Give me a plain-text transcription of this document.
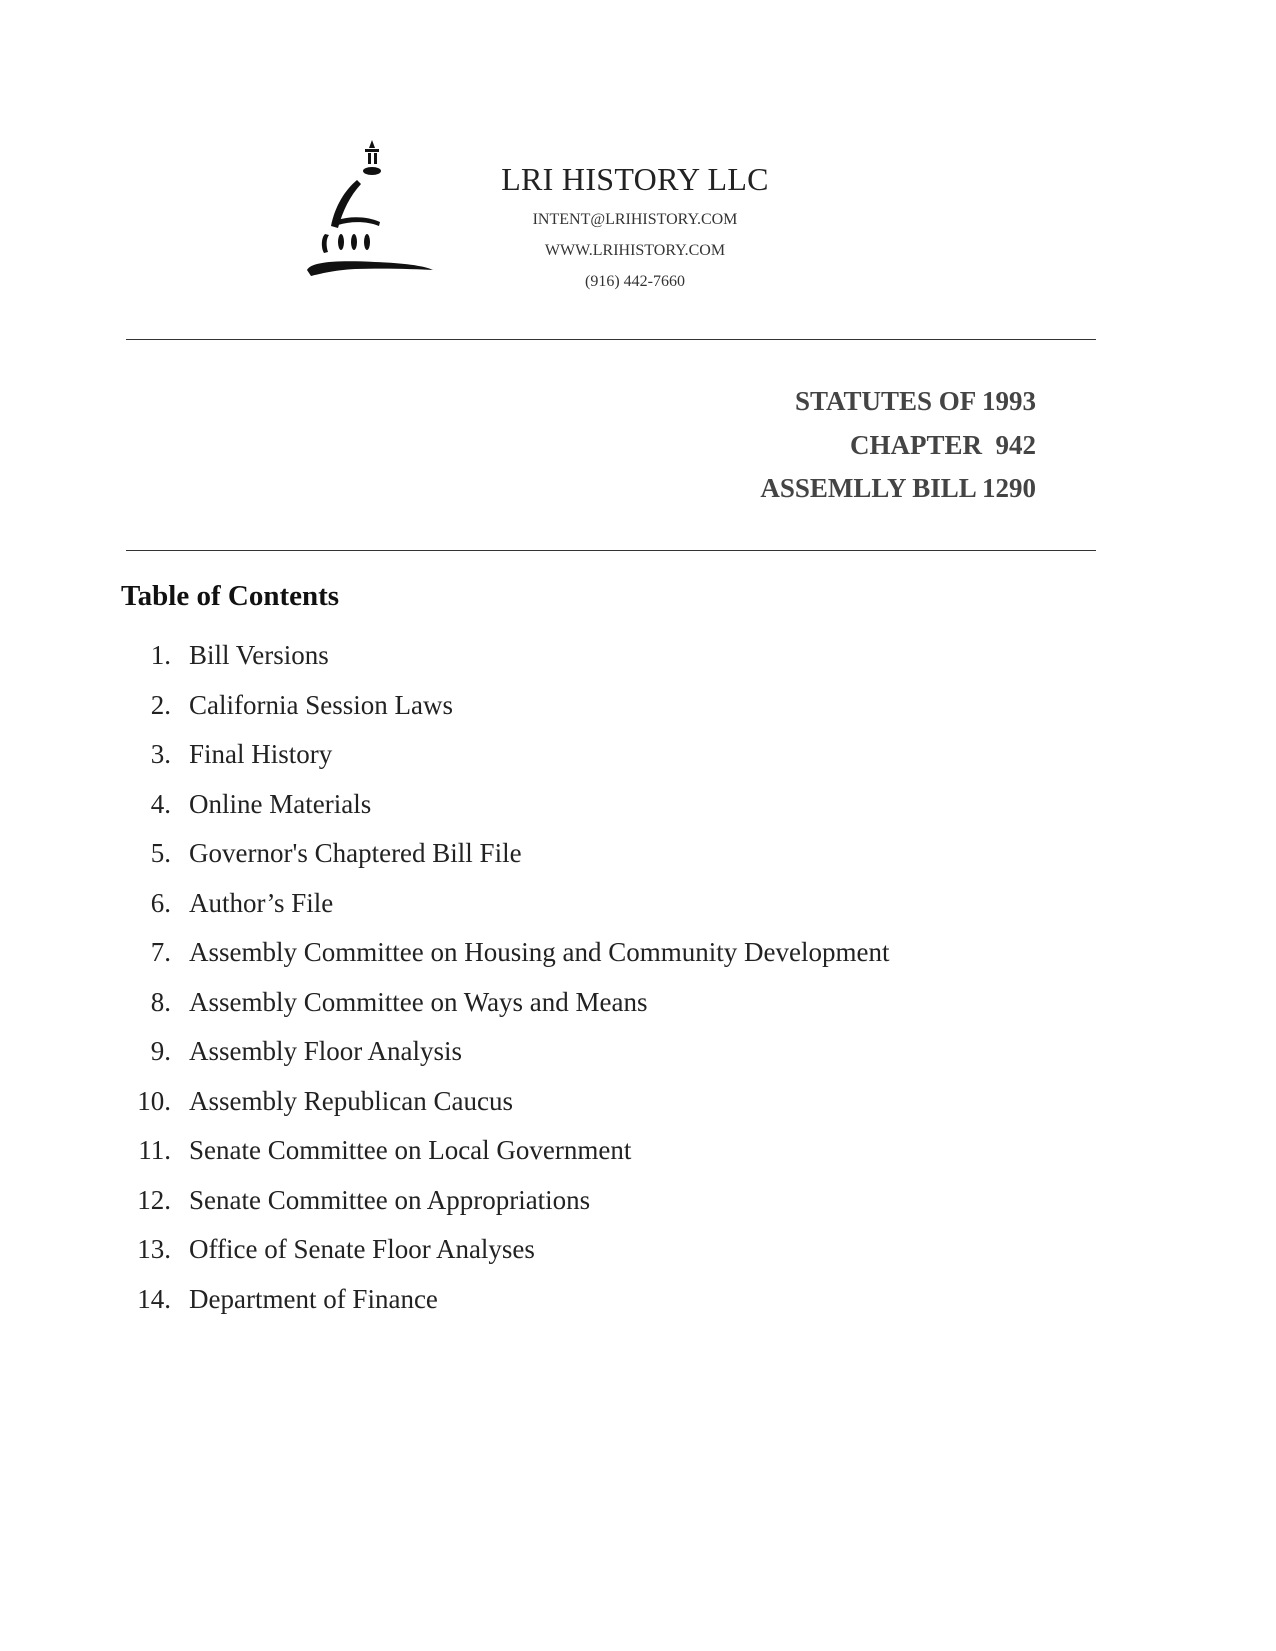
LRI HISTORY LLC
INTENT@LRIHISTORY.COM
WWW.LRIHISTORY.COM
(916) 442-7660
STATUTES OF 1993
CHAPTER  942
ASSEMLLY BILL 1290
Table of Contents
1. Bill Versions
2. California Session Laws
3. Final History
4. Online Materials
5. Governor's Chaptered Bill File
6. Author’s File
7. Assembly Committee on Housing and Community Development
8. Assembly Committee on Ways and Means
9. Assembly Floor Analysis
10. Assembly Republican Caucus
11. Senate Committee on Local Government
12. Senate Committee on Appropriations
13. Office of Senate Floor Analyses
14. Department of Finance
